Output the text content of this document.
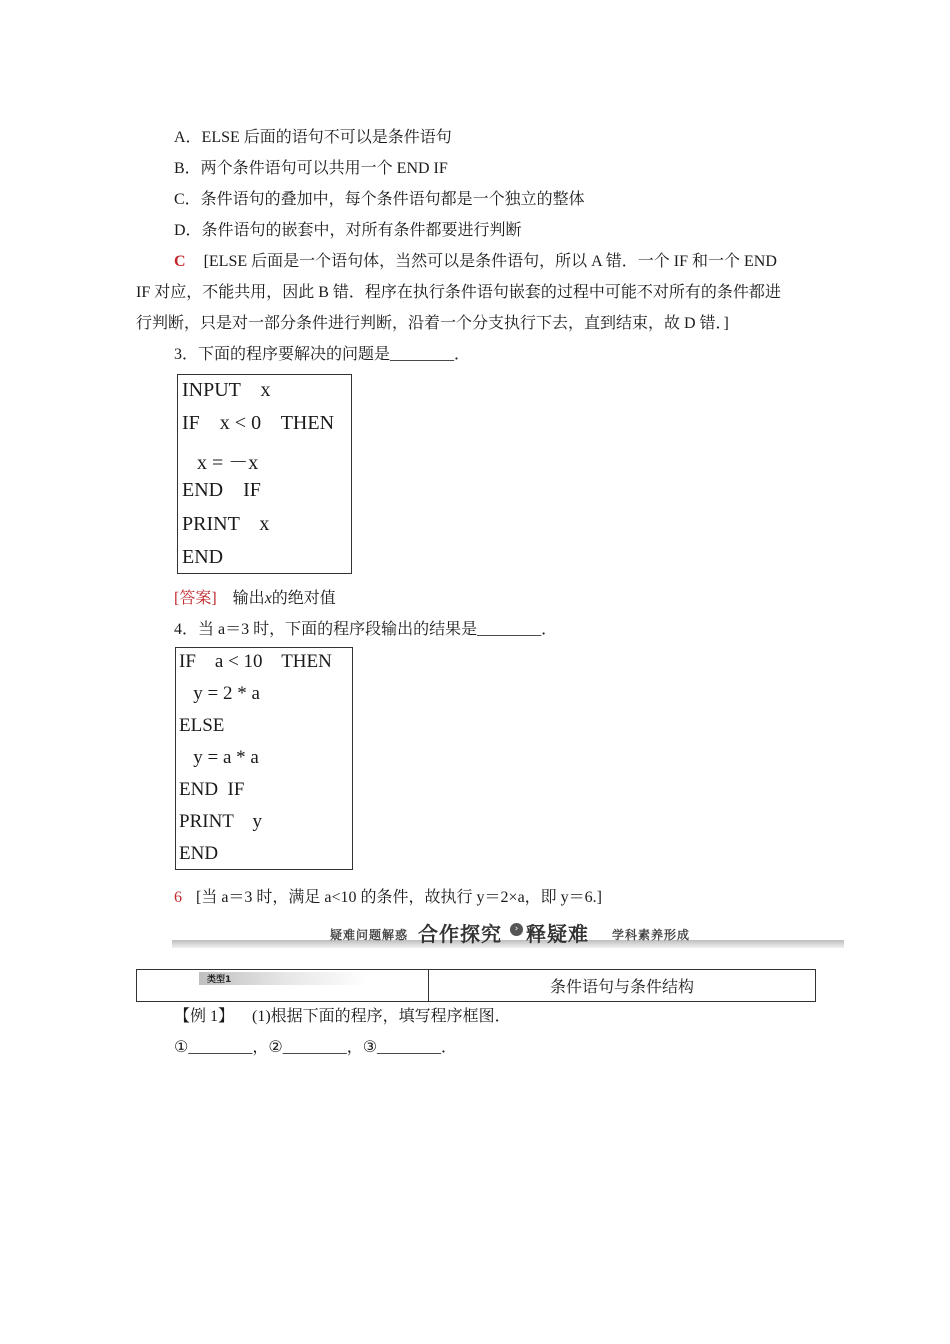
A．ELSE 后面的语句不可以是条件语句
B．两个条件语句可以共用一个 END IF
C．条件语句的叠加中，每个条件语句都是一个独立的整体
D．条件语句的嵌套中，对所有条件都要进行判断
C [ELSE 后面是一个语句体，当然可以是条件语句，所以 A 错．一个 IF 和一个 END
IF 对应，不能共用，因此 B 错．程序在执行条件语句嵌套的过程中可能不对所有的条件都进
行判断，只是对一部分条件进行判断，沿着一个分支执行下去，直到结束，故 D 错．]
3．下面的程序要解决的问题是________．
INPUT    x
IF    x < 0    THEN
x = －x
END    IF
PRINT    x
END
[答案] 输出x的绝对值
4．当 a＝3 时，下面的程序段输出的结果是________．
IF    a < 10    THEN
y = 2 * a
ELSE
y = a * a
END  IF
PRINT    y
END
6 [当 a＝3 时，满足 a<10 的条件，故执行 y＝2×a，即 y＝6.]
疑难问题解惑 合作探究	› 释疑难 学科素养形成
类型1	条件语句与条件结构
【例 1】 (1)根据下面的程序，填写程序框图．
①________，②________，③________．
